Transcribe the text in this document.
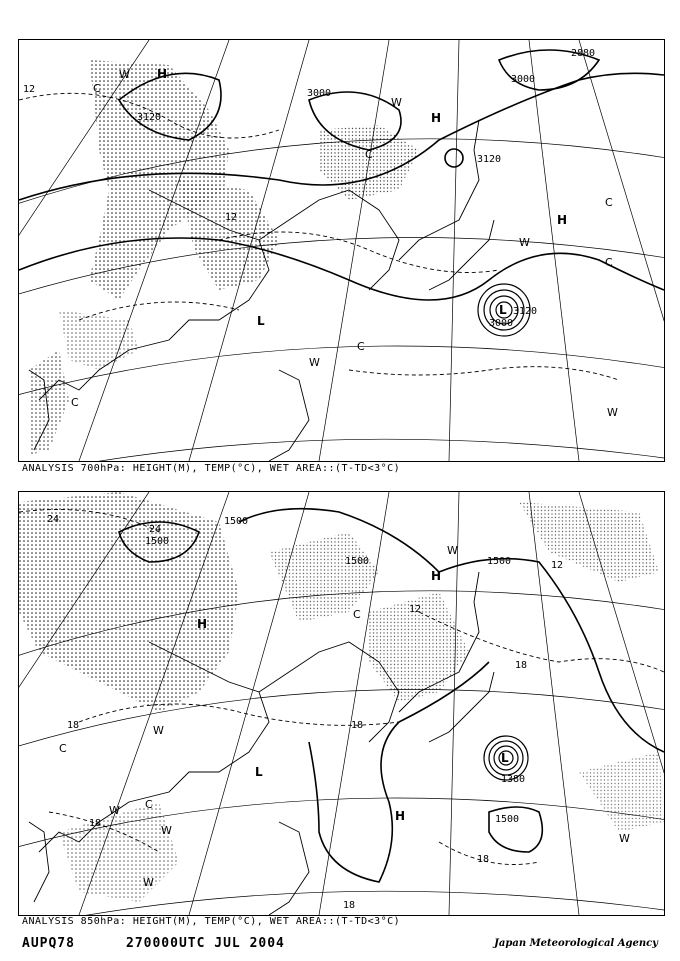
12
12
3000
3120
3000
3120
3000
3120
2880
H
H
H
L
L
W
W
W
W
W
C
C
C
C
C
C
ANALYSIS 700hPa: HEIGHT(M), TEMP(°C), WET AREA::(T-TD<3°C)
1500
1500
1500	1500
1380
1500
24
24
12
12
18
18
18
18
18
18
H
H
H
L
L
W
W
W
W
W
W
C
C
C
ANALYSIS 850hPa: HEIGHT(M), TEMP(°C), WET AREA::(T-TD<3°C)
AUPQ78	270000UTC JUL 2004	Japan Meteorological Agency
